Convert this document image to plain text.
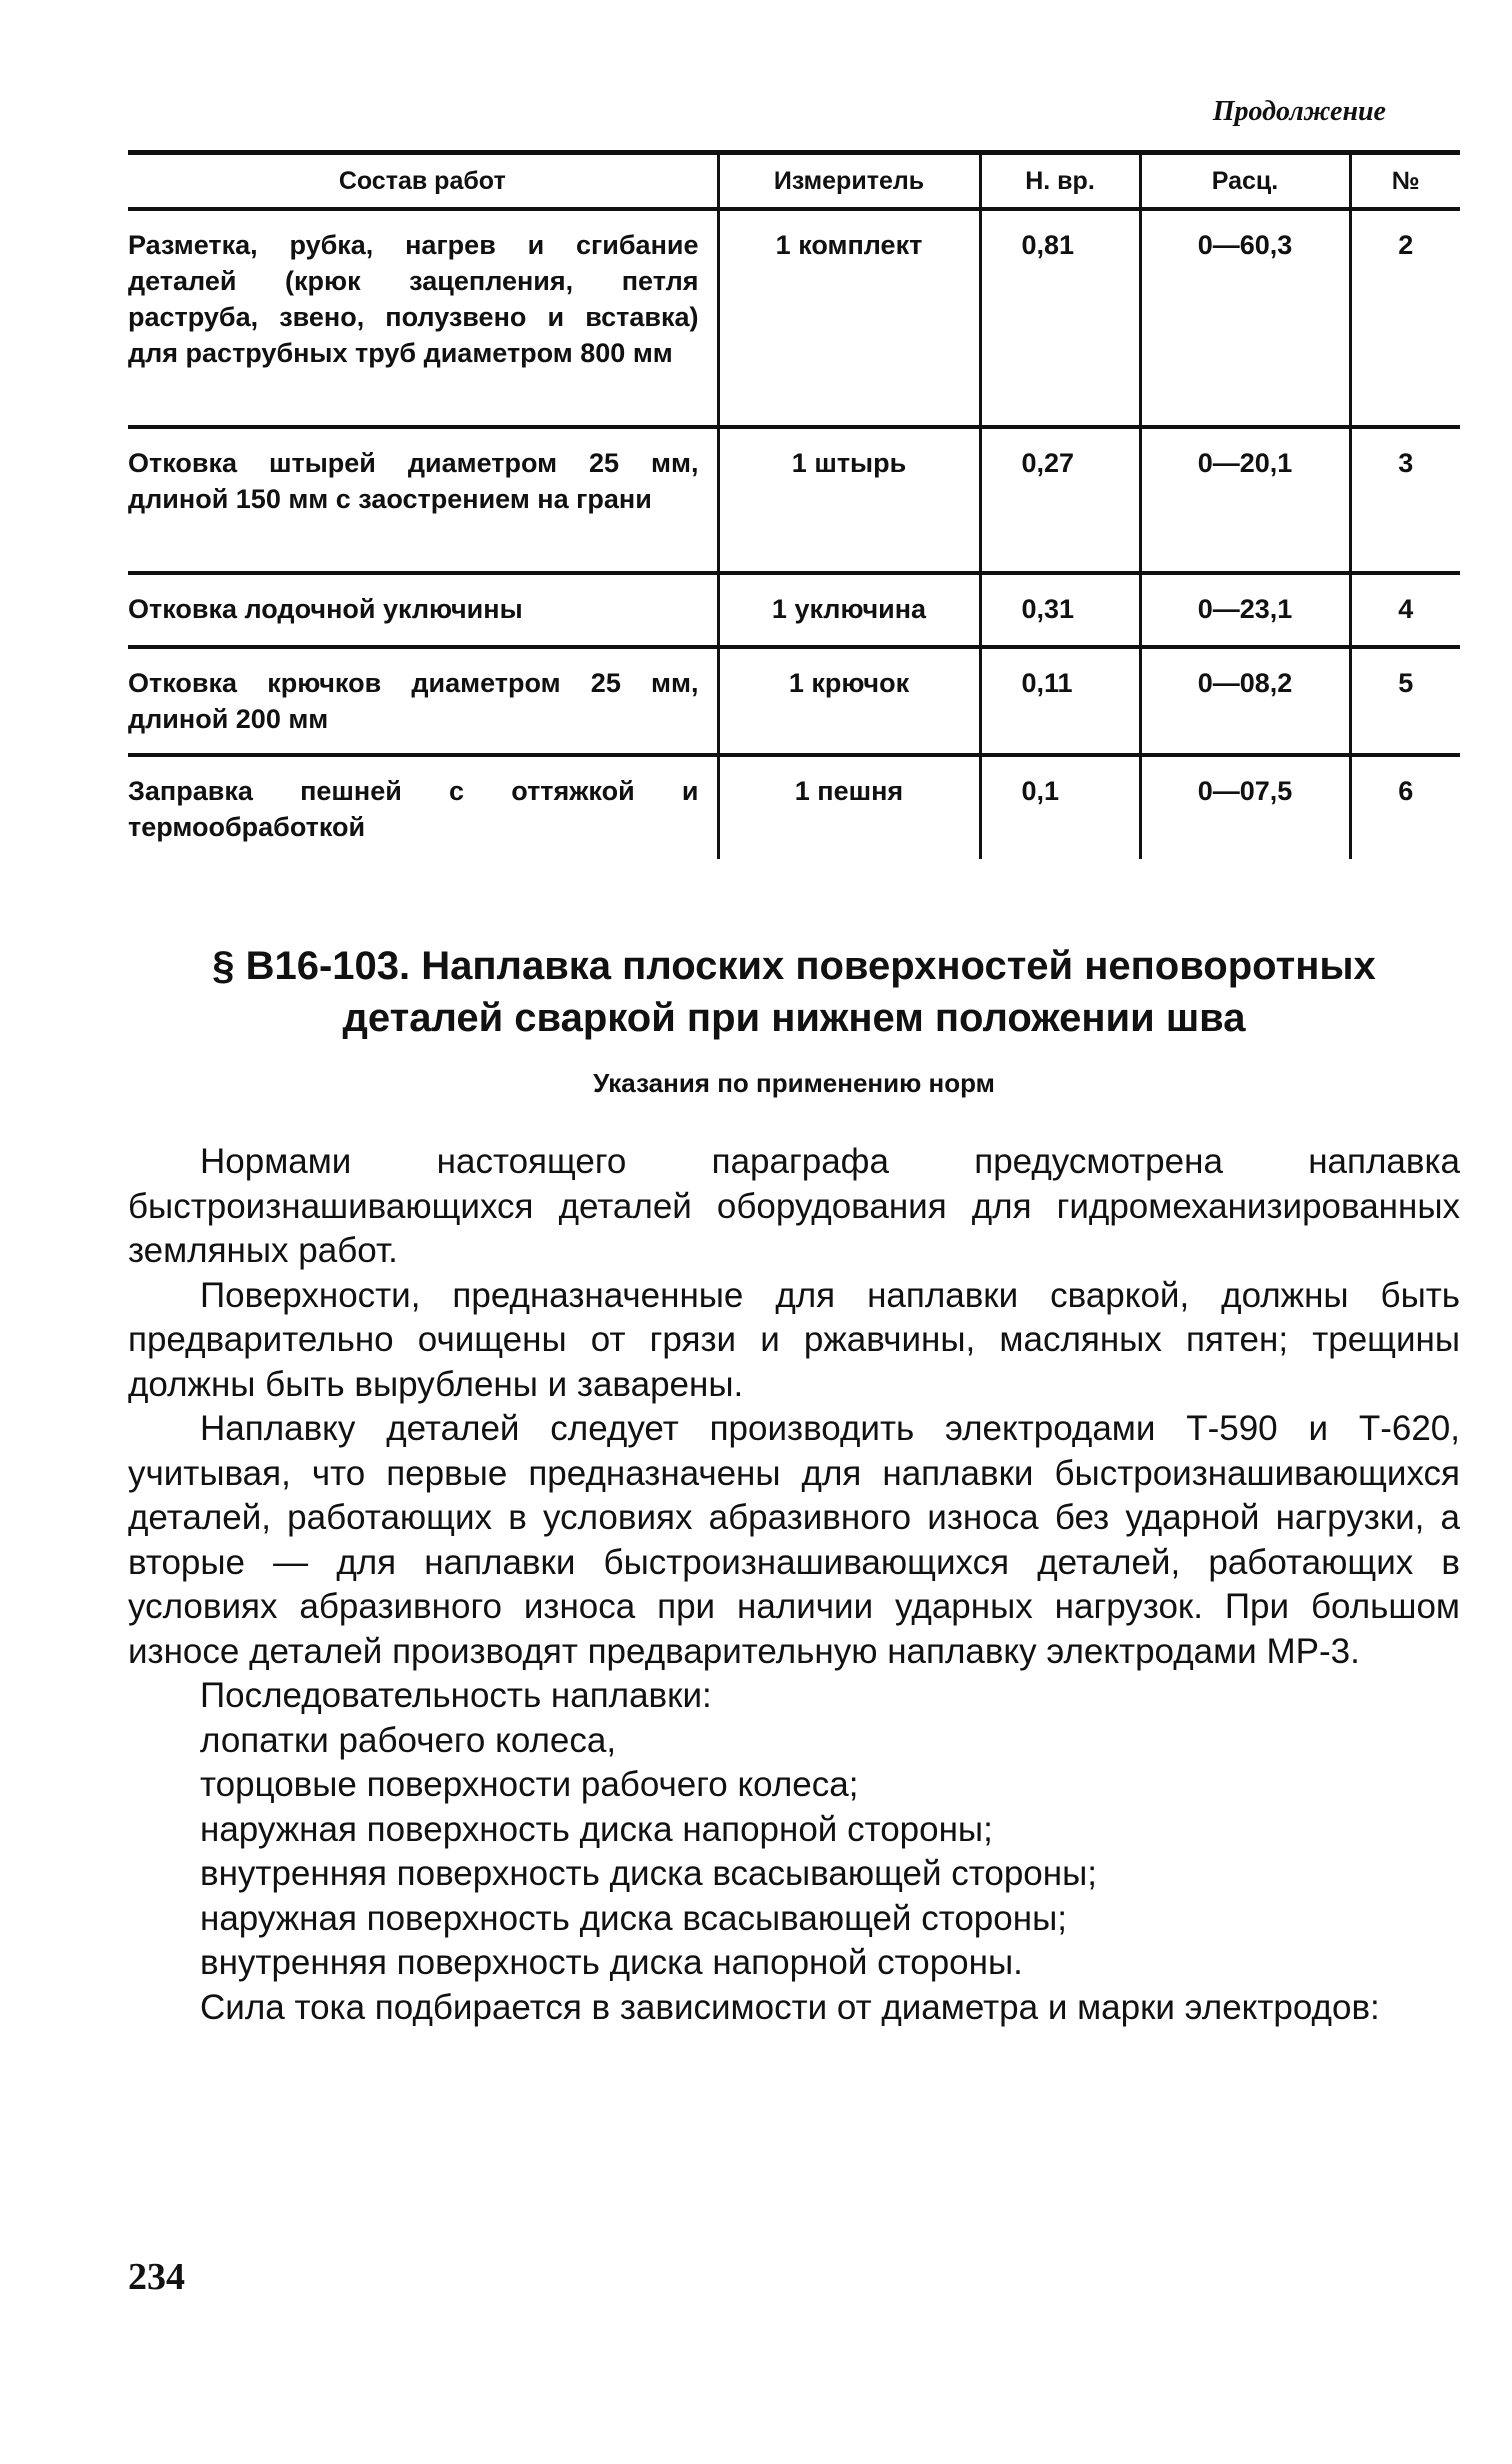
Продолжение
Состав работ	Измеритель	Н. вр.	Расц.	№
Разметка, рубка, нагрев и сгибание деталей (крюк зацепления, петля раструба, звено, полузвено и вставка) для раструбных труб диаметром 800 мм	1 комплект	0,81	0—60,3	2
Отковка штырей диаметром 25 мм, длиной 150 мм с заострением на грани	1 штырь	0,27	0—20,1	3
Отковка лодочной уключины	1 уключина	0,31	0—23,1	4
Отковка крючков диаметром 25 мм, длиной 200 мм	1 крючок	0,11	0—08,2	5
Заправка пешней с оттяжкой и термообработкой	1 пешня	0,1	0—07,5	6
§ В16-103. Наплавка плоских поверхностей неповоротных деталей сваркой при нижнем положении шва
Указания по применению норм

Нормами настоящего параграфа предусмотрена наплавка быстроизнашивающихся деталей оборудования для гидромеханизированных земляных работ.

Поверхности, предназначенные для наплавки сваркой, должны быть предварительно очищены от грязи и ржавчины, масляных пятен; трещины должны быть вырублены и заварены.

Наплавку деталей следует производить электродами Т-590 и Т-620, учитывая, что первые предназначены для наплавки быстроизнашивающихся деталей, работающих в условиях абразивного износа без ударной нагрузки, а вторые — для наплавки быстроизнашивающихся деталей, работающих в условиях абразивного износа при наличии ударных нагрузок. При большом износе деталей производят предварительную наплавку электродами МР-3.

Последовательность наплавки:

лопатки рабочего колеса,
торцовые поверхности рабочего колеса;
наружная поверхность диска напорной стороны;
внутренняя поверхность диска всасывающей стороны;
наружная поверхность диска всасывающей стороны;
внутренняя поверхность диска напорной стороны.

Сила тока подбирается в зависимости от диаметра и марки электродов:

234
